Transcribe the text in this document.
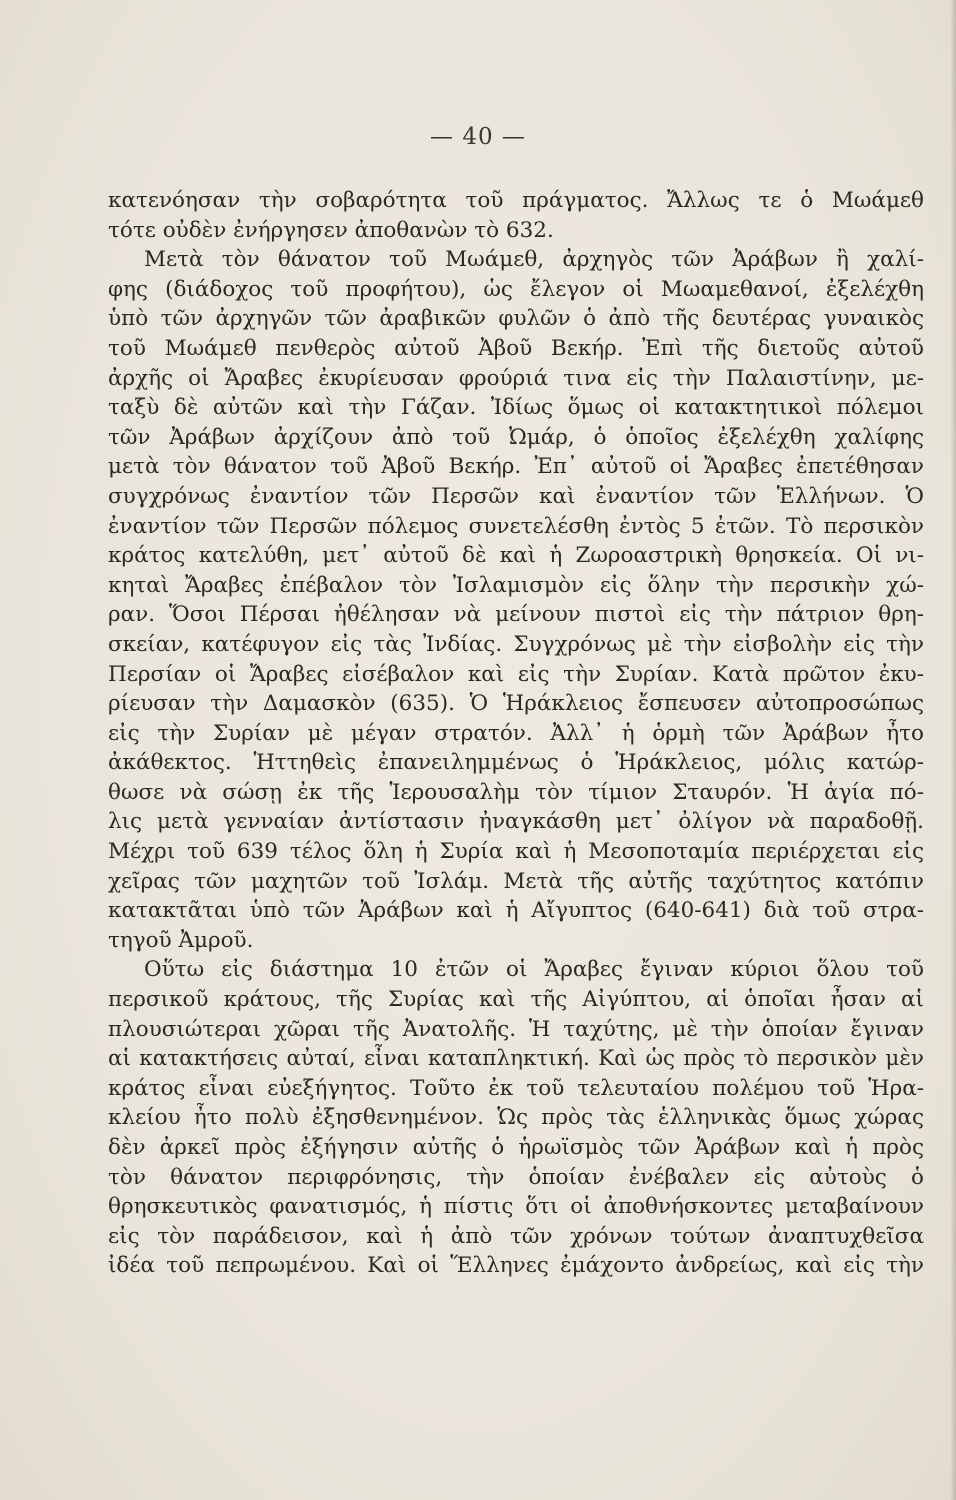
— 40 —
κατενόησαν τὴν σοβαρότητα τοῦ πράγματος. Ἄλλως τε ὁ Μωάμεθ
τότε οὐδὲν ἐνήργησεν ἀποθανὼν τὸ 632.
Μετὰ τὸν θάνατον τοῦ Μωάμεθ, ἀρχηγὸς τῶν Ἀράβων ἢ χαλί-
φης (διάδοχος τοῦ προφήτου), ὡς ἔλεγον οἱ Μωαμεθανοί, ἐξελέχθη
ὑπὸ τῶν ἀρχηγῶν τῶν ἀραβικῶν φυλῶν ὁ ἀπὸ τῆς δευτέρας γυναικὸς
τοῦ Μωάμεθ πενθερὸς αὐτοῦ Ἀβοῦ Βεκήρ. Ἐπὶ τῆς διετοῦς αὐτοῦ
ἀρχῆς οἱ Ἄραβες ἐκυρίευσαν φρούριά τινα εἰς τὴν Παλαιστίνην, με-
ταξὺ δὲ αὐτῶν καὶ τὴν Γάζαν. Ἰδίως ὅμως οἱ κατακτητικοὶ πόλεμοι
τῶν Ἀράβων ἀρχίζουν ἀπὸ τοῦ Ὠμάρ, ὁ ὁποῖος ἐξελέχθη χαλίφης
μετὰ τὸν θάνατον τοῦ Ἀβοῦ Βεκήρ. Ἐπ᾽ αὐτοῦ οἱ Ἄραβες ἐπετέθησαν
συγχρόνως ἐναντίον τῶν Περσῶν καὶ ἐναντίον τῶν Ἑλλήνων. Ὁ
ἐναντίον τῶν Περσῶν πόλεμος συνετελέσθη ἐντὸς 5 ἐτῶν. Τὸ περσικὸν
κράτος κατελύθη, μετ᾽ αὐτοῦ δὲ καὶ ἡ Ζωροαστρικὴ θρησκεία. Οἱ νι-
κηταὶ Ἄραβες ἐπέβαλον τὸν Ἰσλαμισμὸν εἰς ὅλην τὴν περσικὴν χώ-
ραν. Ὅσοι Πέρσαι ἠθέλησαν νὰ μείνουν πιστοὶ εἰς τὴν πάτριον θρη-
σκείαν, κατέφυγον εἰς τὰς Ἰνδίας. Συγχρόνως μὲ τὴν εἰσβολὴν εἰς τὴν
Περσίαν οἱ Ἄραβες εἰσέβαλον καὶ εἰς τὴν Συρίαν. Κατὰ πρῶτον ἐκυ-
ρίευσαν τὴν Δαμασκὸν (635). Ὁ Ἡράκλειος ἔσπευσεν αὐτοπροσώπως
εἰς τὴν Συρίαν μὲ μέγαν στρατόν. Ἀλλ᾽ ἡ ὁρμὴ τῶν Ἀράβων ἦτο
ἀκάθεκτος. Ἡττηθεὶς ἐπανειλημμένως ὁ Ἡράκλειος, μόλις κατώρ-
θωσε νὰ σώσῃ ἐκ τῆς Ἱερουσαλὴμ τὸν τίμιον Σταυρόν. Ἡ ἁγία πό-
λις μετὰ γενναίαν ἀντίστασιν ἠναγκάσθη μετ᾽ ὀλίγον νὰ παραδοθῇ.
Μέχρι τοῦ 639 τέλος ὅλη ἡ Συρία καὶ ἡ Μεσοποταμία περιέρχεται εἰς
χεῖρας τῶν μαχητῶν τοῦ Ἰσλάμ. Μετὰ τῆς αὐτῆς ταχύτητος κατόπιν
κατακτᾶται ὑπὸ τῶν Ἀράβων καὶ ἡ Αἴγυπτος (640-641) διὰ τοῦ στρα-
τηγοῦ Ἀμροῦ.
Οὕτω εἰς διάστημα 10 ἐτῶν οἱ Ἄραβες ἔγιναν κύριοι ὅλου τοῦ
περσικοῦ κράτους, τῆς Συρίας καὶ τῆς Αἰγύπτου, αἱ ὁποῖαι ἦσαν αἱ
πλουσιώτεραι χῶραι τῆς Ἀνατολῆς. Ἡ ταχύτης, μὲ τὴν ὁποίαν ἔγιναν
αἱ κατακτήσεις αὐταί, εἶναι καταπληκτική. Καὶ ὡς πρὸς τὸ περσικὸν μὲν
κράτος εἶναι εὐεξήγητος. Τοῦτο ἐκ τοῦ τελευταίου πολέμου τοῦ Ἡρα-
κλείου ἦτο πολὺ ἐξησθενημένον. Ὡς πρὸς τὰς ἑλληνικὰς ὅμως χώρας
δὲν ἀρκεῖ πρὸς ἐξήγησιν αὐτῆς ὁ ἡρωϊσμὸς τῶν Ἀράβων καὶ ἡ πρὸς
τὸν θάνατον περιφρόνησις, τὴν ὁποίαν ἐνέβαλεν εἰς αὐτοὺς ὁ
θρησκευτικὸς φανατισμός, ἡ πίστις ὅτι οἱ ἀποθνήσκοντες μεταβαίνουν
εἰς τὸν παράδεισον, καὶ ἡ ἀπὸ τῶν χρόνων τούτων ἀναπτυχθεῖσα
ἰδέα τοῦ πεπρωμένου. Καὶ οἱ Ἕλληνες ἐμάχοντο ἀνδρείως, καὶ εἰς τὴν
